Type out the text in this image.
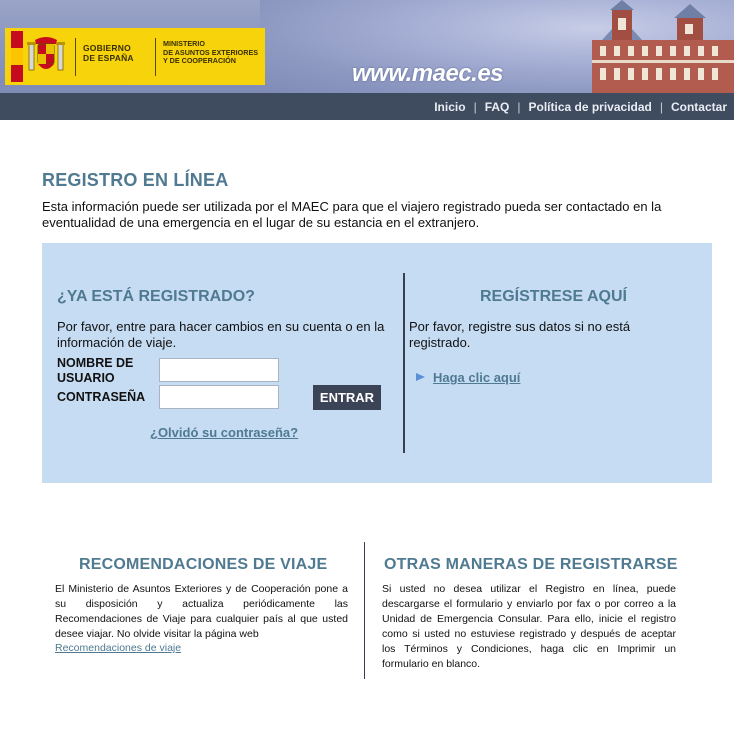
GOBIERNO
DE ESPAÑA
MINISTERIO
DE ASUNTOS EXTERIORES
Y DE COOPERACIÓN	www.maec.es
Inicio | FAQ | Política de privacidad | Contactar
REGISTRO EN LÍNEA
Esta información puede ser utilizada por el MAEC para que el viajero registrado pueda ser contactado en la eventualidad de una emergencia en el lugar de su estancia en el extranjero.
¿YA ESTÁ REGISTRADO?
Por favor, entre para hacer cambios en su cuenta o en la información de viaje.
NOMBRE DE
USUARIO
CONTRASEÑA	ENTRAR
¿Olvidó su contraseña?
REGÍSTRESE AQUÍ
Por favor, registre sus datos si no está registrado.
Haga clic aquí
RECOMENDACIONES DE VIAJE
El Ministerio de Asuntos Exteriores y de Cooperación pone a su disposición y actualiza periódicamente las Recomendaciones de Viaje para cualquier país al que usted desee viajar. No olvide visitar la página web
Recomendaciones de viaje
OTRAS MANERAS DE REGISTRARSE
Si usted no desea utilizar el Registro en línea, puede descargarse el formulario y enviarlo por fax o por correo a la Unidad de Emergencia Consular. Para ello, inicie el registro como si usted no estuviese registrado y después de aceptar los Términos y Condiciones, haga clic en Imprimir un formulario en blanco.
